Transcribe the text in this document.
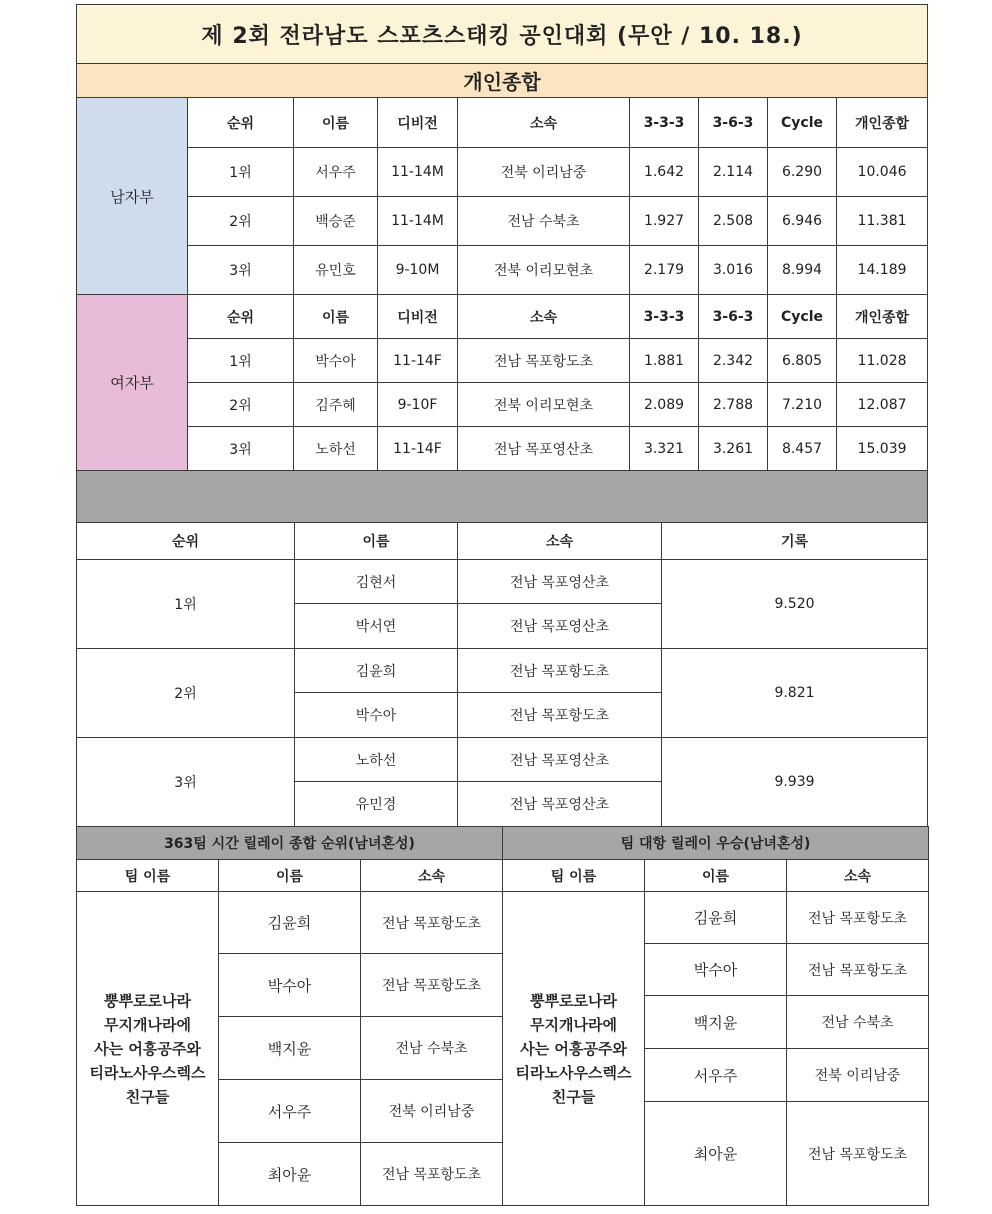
제 2회 전라남도 스포츠스태킹 공인대회 (무안 / 10. 18.)								
개인종합								
남자부	순위	이름	디비전	소속	3-3-3	3-6-3	Cycle	개인종합
	1위	서우주	11-14M	전북 이리남중	1.642	2.114	6.290	10.046
	2위	백승준	11-14M	전남 수북초	1.927	2.508	6.946	11.381
	3위	유민호	9-10M	전북 이리모현초	2.179	3.016	8.994	14.189
여자부	순위	이름	디비전	소속	3-3-3	3-6-3	Cycle	개인종합
	1위	박수아	11-14F	전남 목포항도초	1.881	2.342	6.805	11.028
	2위	김주혜	9-10F	전북 이리모현초	2.089	2.788	7.210	12.087
	3위	노하선	11-14F	전남 목포영산초	3.321	3.261	8.457	15.039

순위	이름	소속	기록
1위	김현서	전남 목포영산초	9.520
	박서연	전남 목포영산초	
2위	김윤희	전남 목포항도초	9.821
	박수아	전남 목포항도초	
3위	노하선	전남 목포영산초	9.939
	유민경	전남 목포영산초	
363팀 시간 릴레이 종합 순위(남녀혼성)		
팀 이름	이름	소속

뿡뿌로로나라
무지개나라에
사는 어흥공주와
티라노사우스렉스
친구들	김윤희	전남 목포항도초
	박수아	전남 목포항도초
	백지윤	전남 수북초
	서우주	전북 이리남중
	최아윤	전남 목포항도초
팀 대항 릴레이 우승(남녀혼성)		
팀 이름	이름	소속

뿡뿌로로나라
무지개나라에
사는 어흥공주와
티라노사우스렉스
친구들	김윤희	전남 목포항도초
	박수아	전남 목포항도초
	백지윤	전남 수북초
	서우주	전북 이리남중
	최아윤	전남 목포항도초
